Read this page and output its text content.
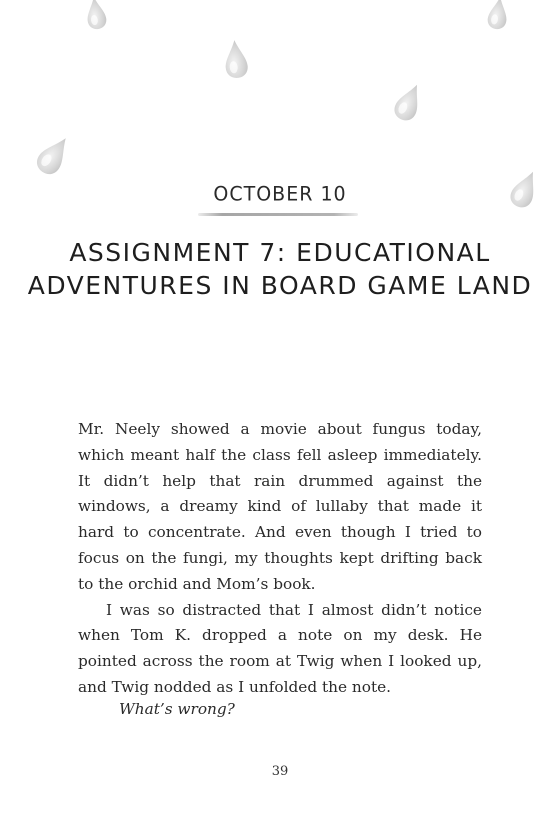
OCTOBER 10
ASSIGNMENT 7: EDUCATIONAL
ADVENTURES IN BOARD GAME LAND

Mr. Neely showed a movie about fungus today, which meant half the class fell asleep immediately. It didn’t help that rain drummed against the windows, a dreamy kind of lullaby that made it hard to concentrate. And even though I tried to focus on the fungi, my thoughts kept drifting back to the orchid and Mom’s book.

I was so distracted that I almost didn’t notice when Tom K. dropped a note on my desk. He pointed across the room at Twig when I looked up, and Twig nodded as I unfolded the note.

What’s wrong?
39
